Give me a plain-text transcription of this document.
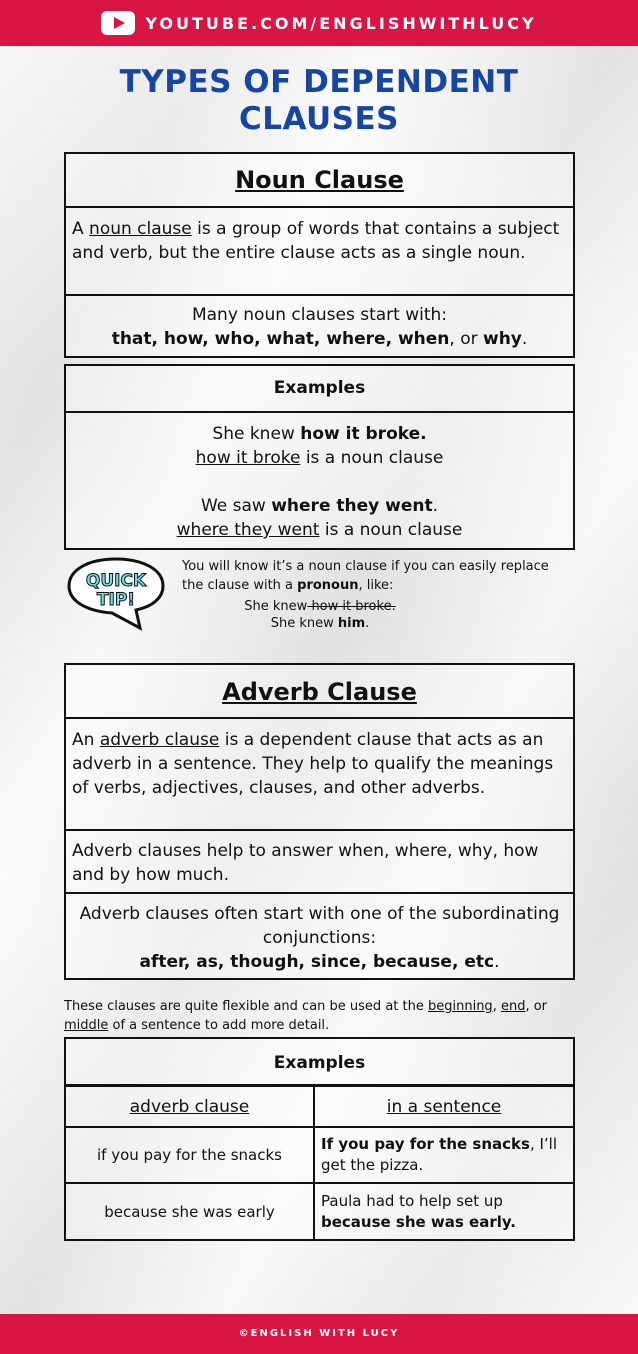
YOUTUBE.COM/ENGLISHWITHLUCY
TYPES OF DEPENDENT
CLAUSES
Noun Clause
A noun clause is a group of words that contains a subject and verb, but the entire clause acts as a single noun.
Many noun clauses start with:
that, how, who, what, where, when, or why.
Examples
She knew how it broke.
how it broke is a noun clause
We saw where they went.
where they went is a noun clause
QUICK
TIP!
You will know it’s a noun clause if you can easily replace the clause with a pronoun, like:
She knew how it broke.
She knew him.
Adverb Clause
An adverb clause is a dependent clause that acts as an adverb in a sentence. They help to qualify the meanings of verbs, adjectives, clauses, and other adverbs.
Adverb clauses help to answer when, where, why, how and by how much.
Adverb clauses often start with one of the subordinating conjunctions:
after, as, though, since, because, etc.
These clauses are quite flexible and can be used at the beginning, end, or middle of a sentence to add more detail.
Examples
adverb clause	in a sentence
if you pay for the snacks	If you pay for the snacks, I’ll get the pizza.
because she was early	Paula had to help set up because she was early.
©ENGLISH WITH LUCY
